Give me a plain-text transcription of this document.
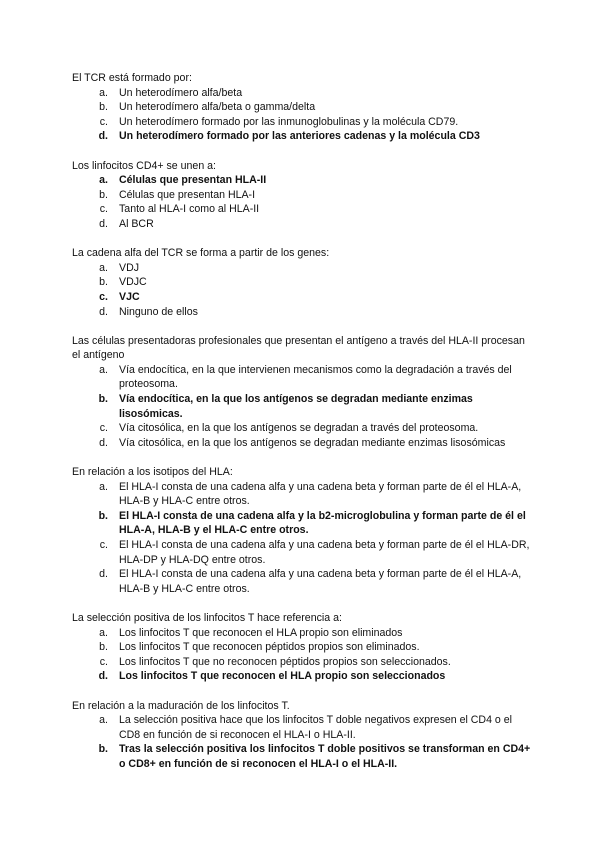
El TCR está formado por:

a.	Un heterodímero alfa/beta
b.	Un heterodímero alfa/beta o gamma/delta
c.	Un heterodímero formado por las inmunoglobulinas y la molécula CD79.
d.	Un heterodímero formado por las anteriores cadenas y la molécula CD3

Los linfocitos CD4+ se unen a:

a.	Células que presentan HLA-II
b.	Células que presentan HLA-I
c.	Tanto al HLA-I como al HLA-II
d.	Al BCR

La cadena alfa del TCR se forma a partir de los genes:

a.	VDJ
b.	VDJC
c.	VJC
d.	Ninguno de ellos

Las células presentadoras profesionales que presentan el antígeno a través del HLA-II procesan el antígeno

a.	Vía endocítica, en la que intervienen mecanismos como la degradación a través del proteosoma.
b.	Vía endocítica, en la que los antígenos se degradan mediante enzimas lisosómicas.
c.	Vía citosólica, en la que los antígenos se degradan a través del proteosoma.
d.	Vía citosólica, en la que los antígenos se degradan mediante enzimas lisosómicas

En relación a los isotipos del HLA:

a.	El HLA-I consta de una cadena alfa y una cadena beta y forman parte de él el HLA-A, HLA-B y HLA-C entre otros.
b.	El HLA-I consta de una cadena alfa y la b2-microglobulina y forman parte de él el HLA-A, HLA-B y el HLA-C entre otros.
c.	El HLA-I consta de una cadena alfa y una cadena beta y forman parte de él el HLA-DR, HLA-DP y HLA-DQ entre otros.
d.	El HLA-I consta de una cadena alfa y una cadena beta y forman parte de él el HLA-A, HLA-B y HLA-C entre otros.

La selección positiva de los linfocitos T hace referencia a:

a.	Los linfocitos T que reconocen el HLA propio son eliminados
b.	Los linfocitos T que reconocen péptidos propios son eliminados.
c.	Los linfocitos T que no reconocen péptidos propios son seleccionados.
d.	Los linfocitos T que reconocen el HLA propio son seleccionados

En relación a la maduración de los linfocitos T.

a.	La selección positiva hace que los linfocitos T doble negativos expresen el CD4 o el CD8 en función de si reconocen el HLA-I o HLA-II.
b.	Tras la selección positiva los linfocitos T doble positivos se transforman en CD4+ o CD8+ en función de si reconocen el HLA-I o el HLA-II.
